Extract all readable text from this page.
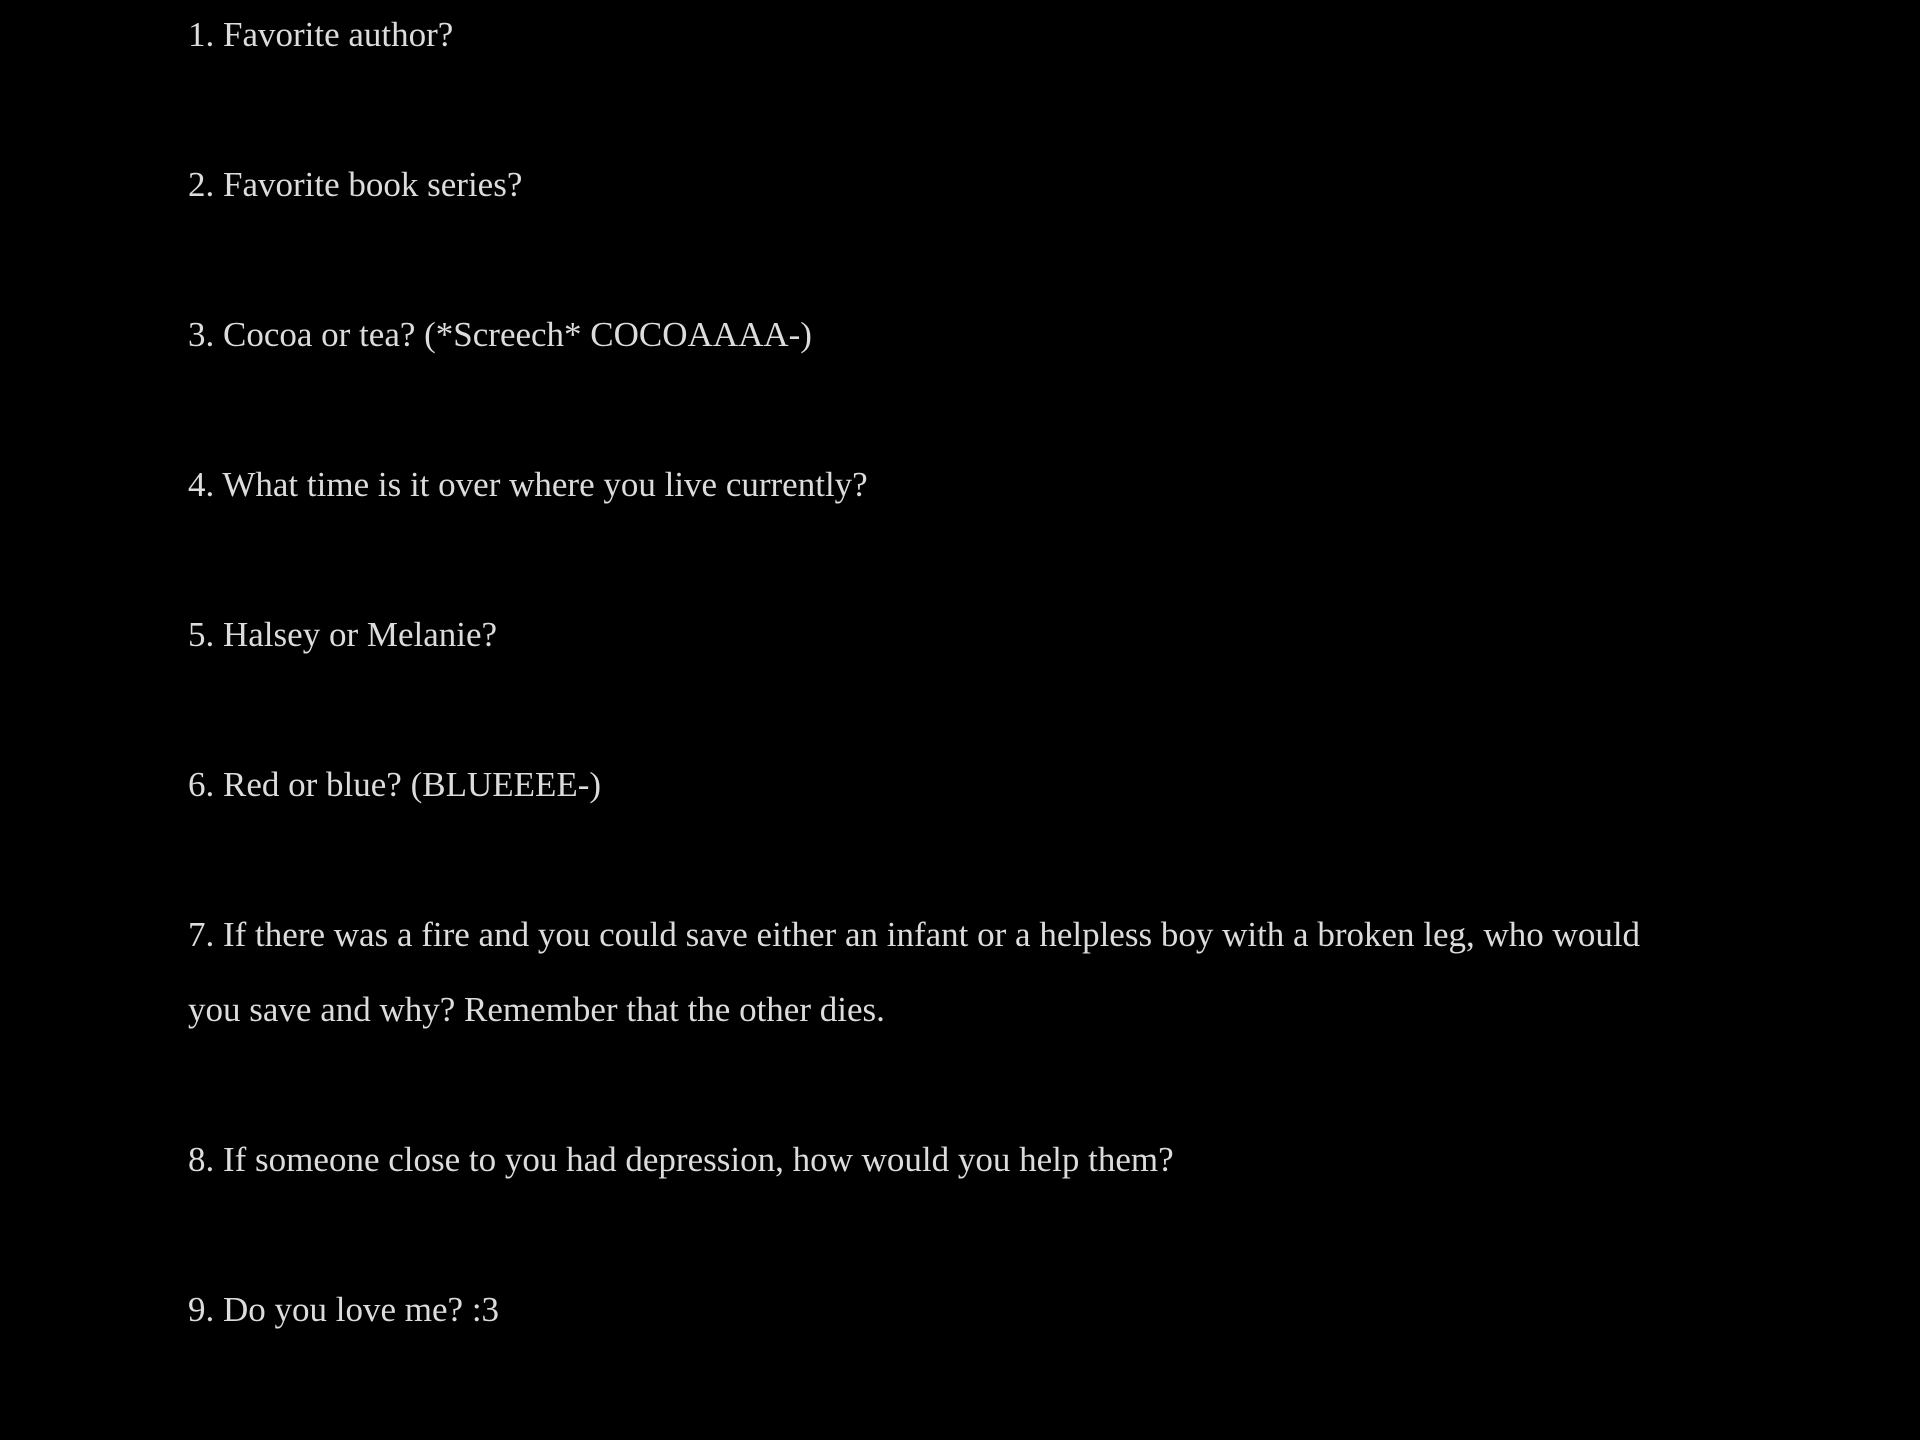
1. Favorite author?

2. Favorite book series?

3. Cocoa or tea? (*Screech* COCOAAAA-)

4. What time is it over where you live currently?

5. Halsey or Melanie?

6. Red or blue? (BLUEEEE-)

7. If there was a fire and you could save either an infant or a helpless boy with a broken leg, who would you save and why? Remember that the other dies.

8. If someone close to you had depression, how would you help them?

9. Do you love me? :3
